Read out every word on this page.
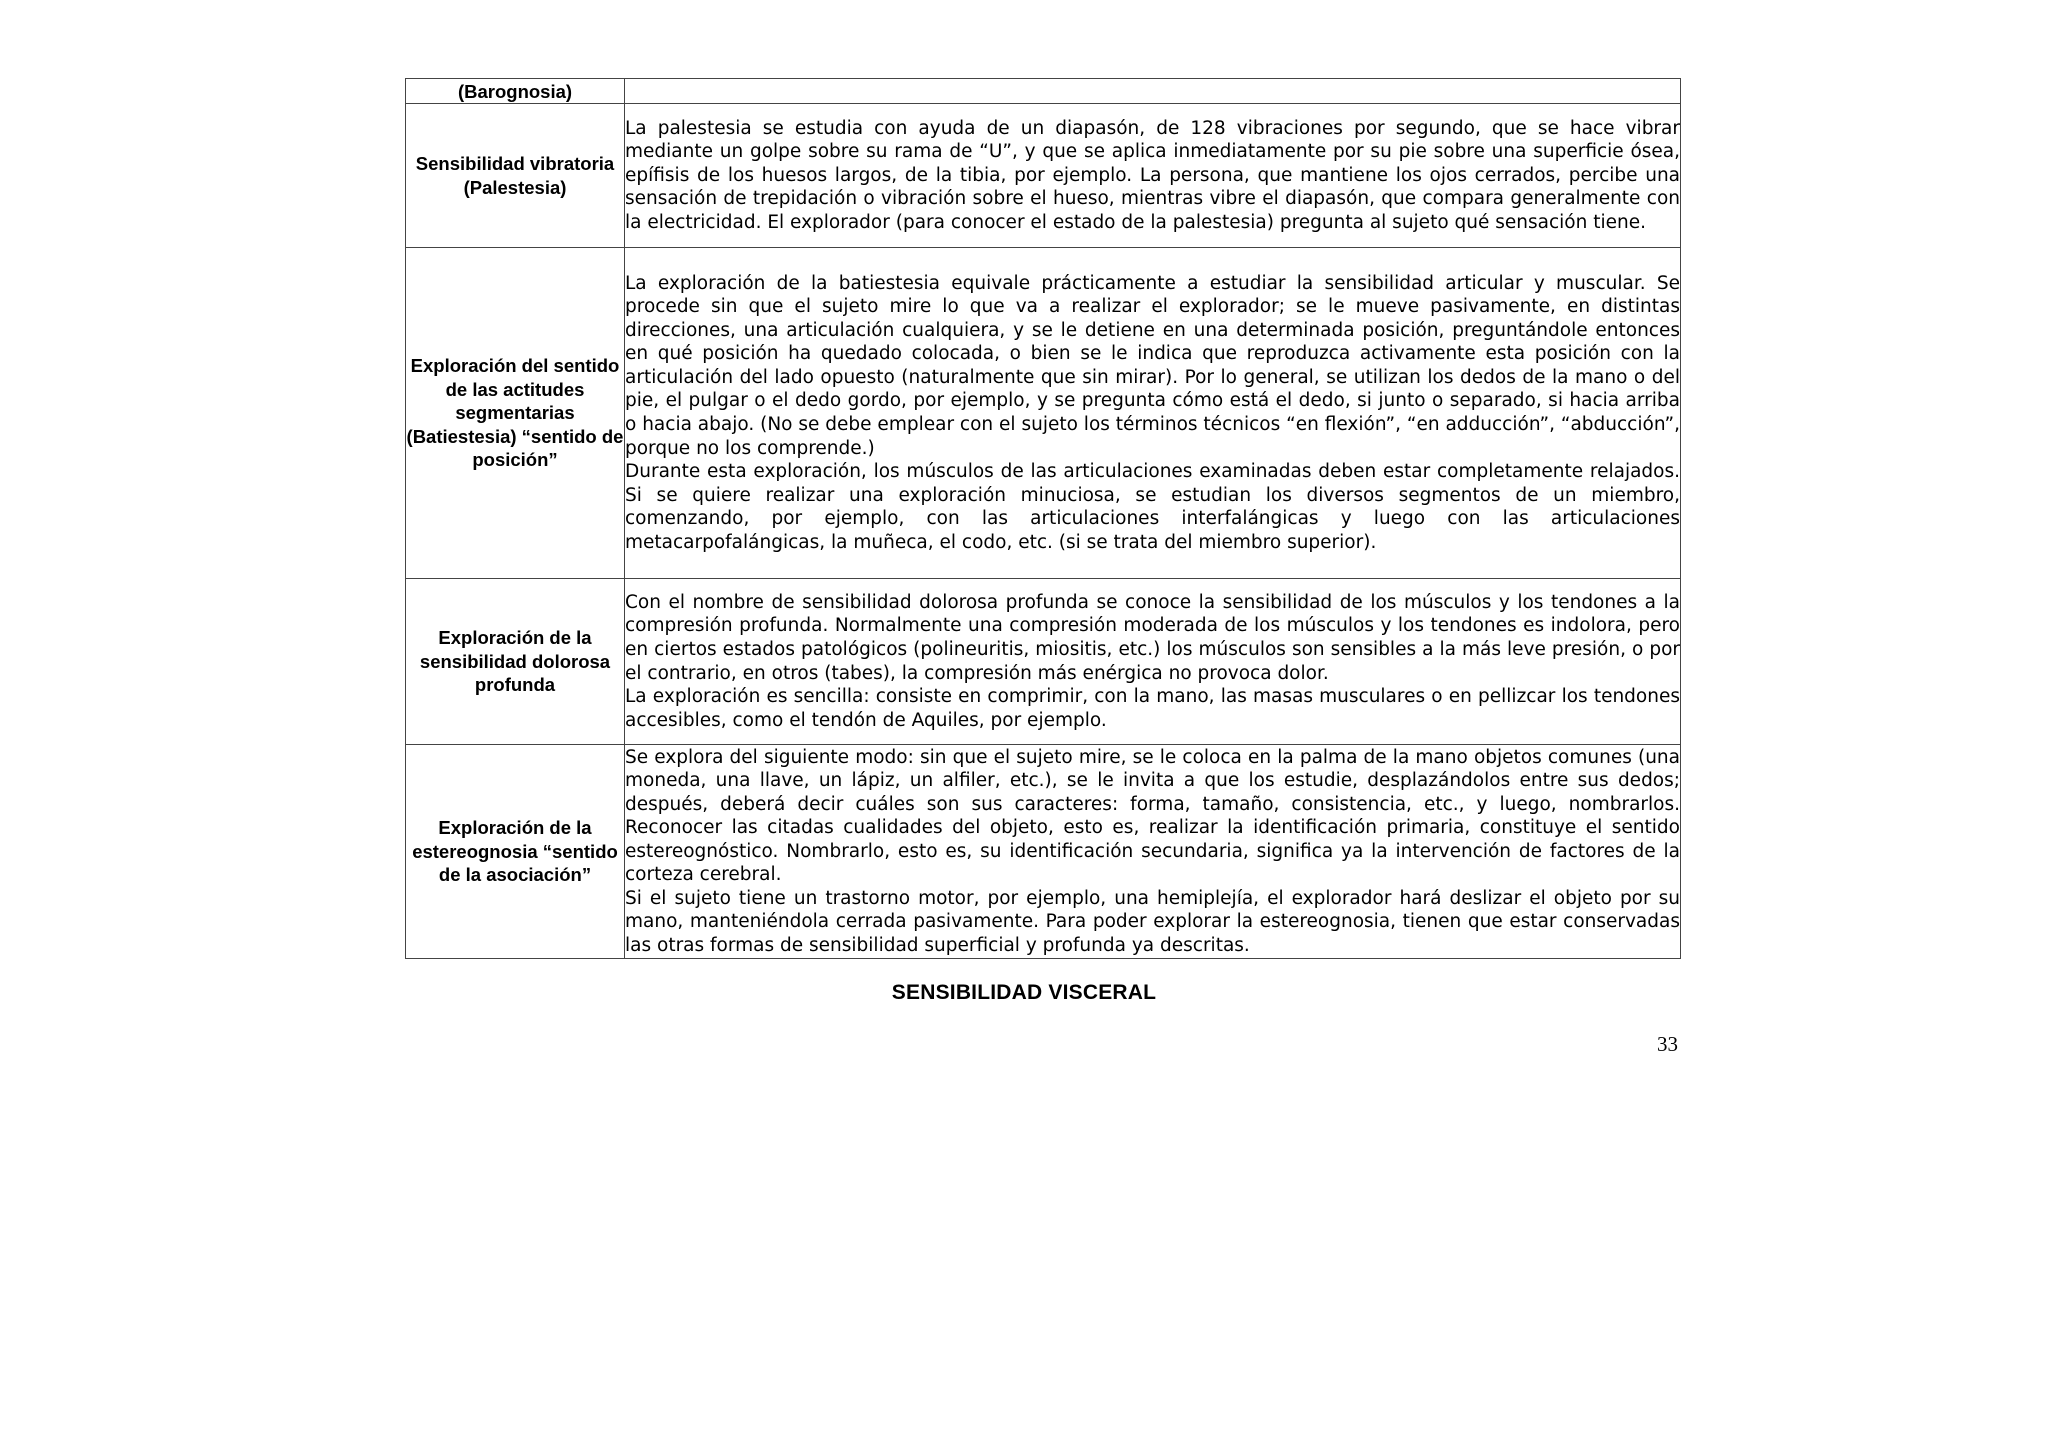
(Barognosia)	
Sensibilidad vibratoria (Palestesia)	La palestesia se estudia con ayuda de un diapasón, de 128 vibraciones por segundo, que se hace vibrar mediante un golpe sobre su rama de “U”, y que se aplica inmediatamente por su pie sobre una superficie ósea, epífisis de los huesos largos, de la tibia, por ejemplo. La persona, que mantiene los ojos cerrados, percibe una sensación de trepidación o vibración sobre el hueso, mientras vibre el diapasón, que compara generalmente con la electricidad. El explorador (para conocer el estado de la palestesia) pregunta al sujeto qué sensación tiene.

Exploración del sentido de las actitudes segmentarias (Batiestesia) “sentido de posición”	La exploración de la batiestesia equivale prácticamente a estudiar la sensibilidad articular y muscular. Se procede sin que el sujeto mire lo que va a realizar el explorador; se le mueve pasivamente, en distintas direcciones, una articulación cualquiera, y se le detiene en una determinada posición, preguntándole entonces en qué posición ha quedado colocada, o bien se le indica que reproduzca activamente esta posición con la articulación del lado opuesto (naturalmente que sin mirar). Por lo general, se utilizan los dedos de la mano o del pie, el pulgar o el dedo gordo, por ejemplo, y se pregunta cómo está el dedo, si junto o separado, si hacia arriba o hacia abajo. (No se debe emplear con el sujeto los términos técnicos “en flexión”, “en adducción”, “abducción”, porque no los comprende.)

Durante esta exploración, los músculos de las articulaciones examinadas deben estar completamente relajados. Si se quiere realizar una exploración minuciosa, se estudian los diversos segmentos de un miembro, comenzando, por ejemplo, con las articulaciones interfalángicas y luego con las articulaciones metacarpofalángicas, la muñeca, el codo, etc. (si se trata del miembro superior).

Exploración de la sensibilidad dolorosa profunda	Con el nombre de sensibilidad dolorosa profunda se conoce la sensibilidad de los músculos y los tendones a la compresión profunda. Normalmente una compresión moderada de los músculos y los tendones es indolora, pero en ciertos estados patológicos (polineuritis, miositis, etc.) los músculos son sensibles a la más leve presión, o por el contrario, en otros (tabes), la compresión más enérgica no provoca dolor.

La exploración es sencilla: consiste en comprimir, con la mano, las masas musculares o en pellizcar los tendones accesibles, como el tendón de Aquiles, por ejemplo.

Exploración de la estereognosia “sentido de la asociación”	Se explora del siguiente modo: sin que el sujeto mire, se le coloca en la palma de la mano objetos comunes (una moneda, una llave, un lápiz, un alfiler, etc.), se le invita a que los estudie, desplazándolos entre sus dedos; después, deberá decir cuáles son sus caracteres: forma, tamaño, consistencia, etc., y luego, nombrarlos. Reconocer las citadas cualidades del objeto, esto es, realizar la identificación primaria, constituye el sentido estereognóstico. Nombrarlo, esto es, su identificación secundaria, significa ya la intervención de factores de la corteza cerebral.

Si el sujeto tiene un trastorno motor, por ejemplo, una hemiplejía, el explorador hará deslizar el objeto por su mano, manteniéndola cerrada pasivamente. Para poder explorar la estereognosia, tienen que estar conservadas las otras formas de sensibilidad superficial y profunda ya descritas.

SENSIBILIDAD VISCERAL
33
